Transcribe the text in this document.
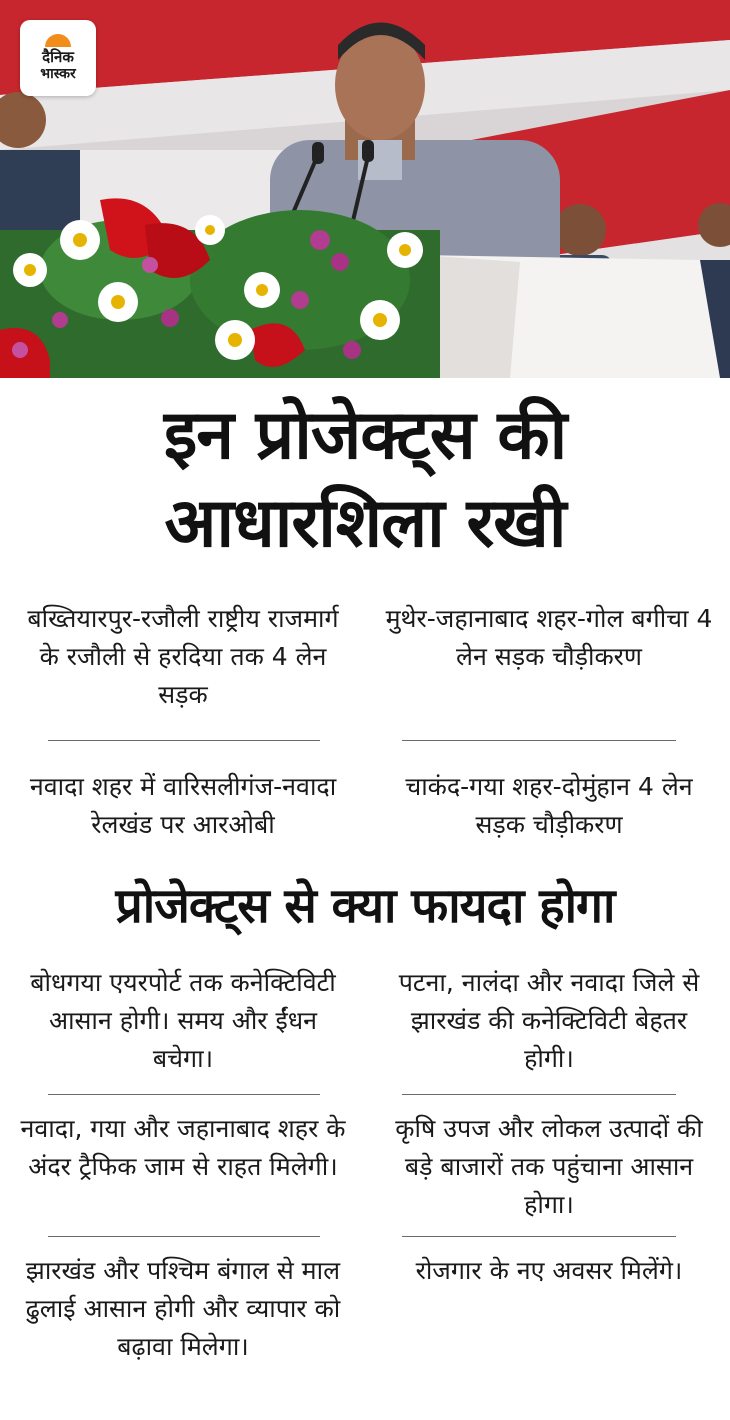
दैनिक
भास्कर
इन प्रोजेक्ट्स की
आधारशिला रखी
बख्तियारपुर-रजौली राष्ट्रीय राजमार्ग के रजौली से हरदिया तक 4 लेन सड़क
मुथेर-जहानाबाद शहर-गोल बगीचा 4 लेन सड़क चौड़ीकरण
नवादा शहर में वारिसलीगंज-नवादा रेलखंड पर आरओबी
चाकंद-गया शहर-दोमुंहान 4 लेन सड़क चौड़ीकरण
प्रोजेक्ट्स से क्या फायदा होगा
बोधगया एयरपोर्ट तक कनेक्टिविटी आसान होगी। समय और ईंधन बचेगा।
पटना, नालंदा और नवादा जिले से झारखंड की कनेक्टिविटी बेहतर होगी।
नवादा, गया और जहानाबाद शहर के अंदर ट्रैफिक जाम से राहत मिलेगी।
कृषि उपज और लोकल उत्पादों की बड़े बाजारों तक पहुंचाना आसान होगा।
झारखंड और पश्चिम बंगाल से माल ढुलाई आसान होगी और व्यापार को बढ़ावा मिलेगा।
रोजगार के नए अवसर मिलेंगे।
